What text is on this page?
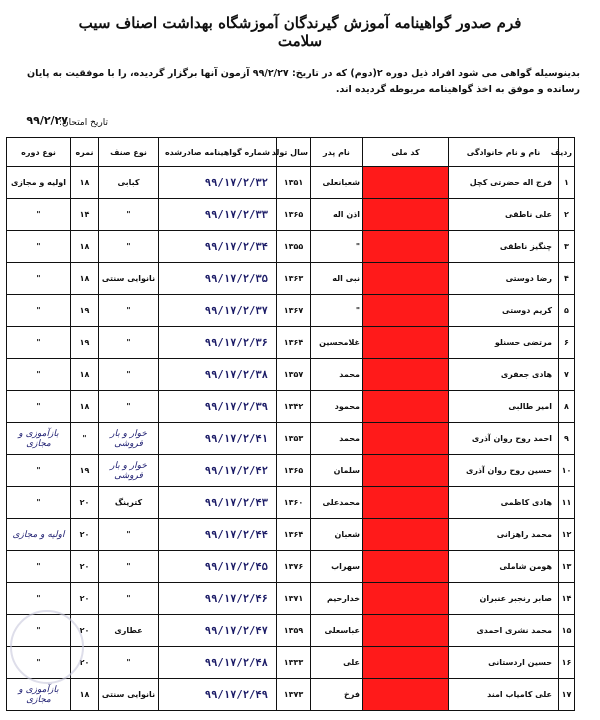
فرم صدور گواهینامه آموزش گیرندگان آموزشگاه بهداشت اصناف سیب سلامت
بدینوسیله گواهی می شود افراد ذیل دوره ۲(دوم) که در تاریخ: ۹۹/۲/۲۷ آزمون آنها برگزار گردیده، را با موفقیت به پایان رسانده و موفق به اخذ گواهینامه مربوطه گردیده اند.
تاریخ امتحان:
۹۹/۲/۲۷
ردیف	نام و نام خانوادگی	کد ملی	نام پدر	سال تولد	شماره گواهینامه صادرشده	نوع صنف	نمره	نوع دوره
۱	فرج اله حضرتی کچل		شعبانعلی	۱۳۵۱	۹۹/۱۷/۲/۳۲	کبابی	۱۸	اولیه و مجازی
۲	علی ناطقی		اذن اله	۱۳۶۵	۹۹/۱۷/۲/۳۳	"	۱۴	"
۳	چنگیز ناطقی		"	۱۳۵۵	۹۹/۱۷/۲/۳۴	"	۱۸	"
۴	رضا دوستی		نبی اله	۱۳۶۳	۹۹/۱۷/۲/۳۵	نانوایی سنتی	۱۸	"
۵	کریم دوستی		"	۱۳۶۷	۹۹/۱۷/۲/۳۷	"	۱۹	"
۶	مرتضی حسنلو		غلامحسین	۱۳۶۴	۹۹/۱۷/۲/۳۶	"	۱۹	"
۷	هادی جعفری		محمد	۱۳۵۷	۹۹/۱۷/۲/۳۸	"	۱۸	"
۸	امیر طالبی		محمود	۱۳۴۲	۹۹/۱۷/۲/۳۹	"	۱۸	"
۹	احمد روح روان آذری		محمد	۱۳۵۳	۹۹/۱۷/۲/۴۱	خوار و بار فروشی	"	بازآموزی و مجازی
۱۰	حسین روح روان آذری		سلمان	۱۳۶۵	۹۹/۱۷/۲/۴۲	خوار و بار فروشی	۱۹	"
۱۱	هادی کاظمی		محمدعلی	۱۳۶۰	۹۹/۱۷/۲/۴۳	کترینگ	۲۰	"
۱۲	محمد راهزانی		شعبان	۱۳۶۴	۹۹/۱۷/۲/۴۴	"	۲۰	اولیه و مجازی
۱۳	هومن شاملی		سهراب	۱۳۷۶	۹۹/۱۷/۲/۴۵	"	۲۰	"
۱۴	صابر رنجبر عنبران		خدارحیم	۱۳۷۱	۹۹/۱۷/۲/۴۶	"	۲۰	"
۱۵	محمد نشری احمدی		عباسعلی	۱۳۵۹	۹۹/۱۷/۲/۴۷	عطاری	۲۰	"
۱۶	حسین اردستانی		علی	۱۳۳۳	۹۹/۱۷/۲/۴۸	"	۲۰	"
۱۷	علی کامیاب امند		فرخ	۱۳۷۳	۹۹/۱۷/۲/۴۹	نانوایی سنتی	۱۸	بازآموزی و مجازی
